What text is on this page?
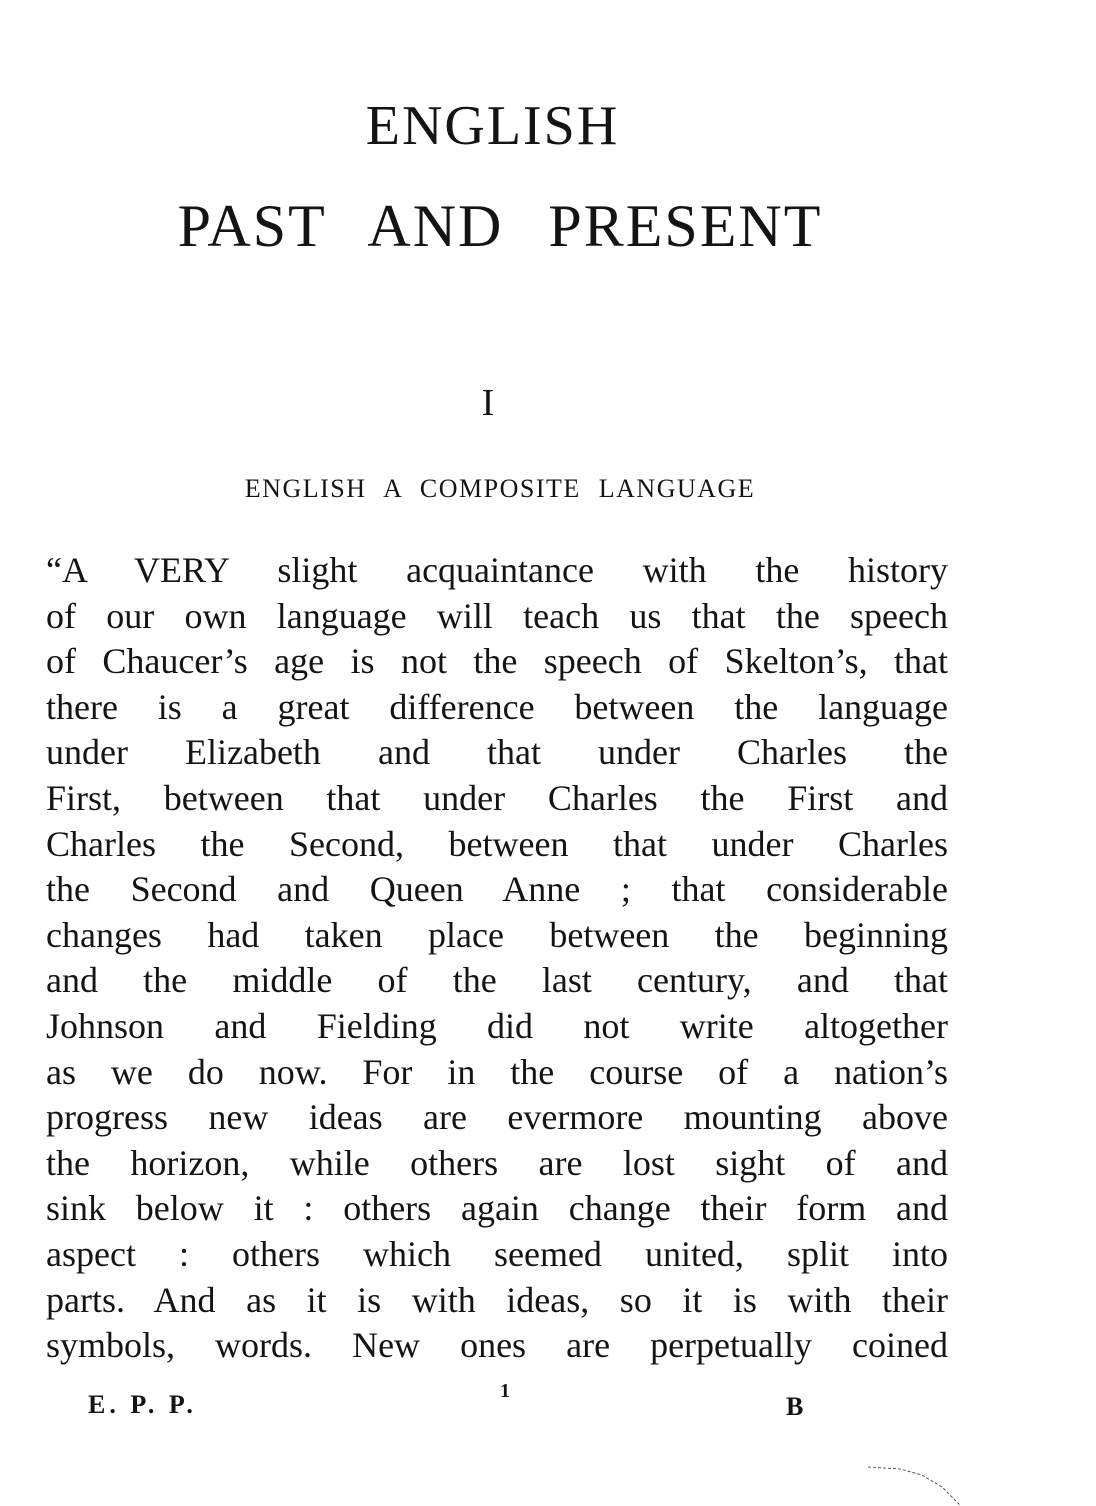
ENGLISH
PAST AND PRESENT
I
ENGLISH A COMPOSITE LANGUAGE
“A VERY slight acquaintance with the history
of our own language will teach us that the speech
of Chaucer’s age is not the speech of Skelton’s, that
there is a great difference between the language
under Elizabeth and that under Charles the
First, between that under Charles the First and
Charles the Second, between that under Charles
the Second and Queen Anne ; that considerable
changes had taken place between the beginning
and the middle of the last century, and that
Johnson and Fielding did not write altogether
as we do now. For in the course of a nation’s
progress new ideas are evermore mounting above
the horizon, while others are lost sight of and
sink below it : others again change their form and
aspect : others which seemed united, split into
parts. And as it is with ideas, so it is with their
symbols, words. New ones are perpetually coined
E. P. P.	1
B
